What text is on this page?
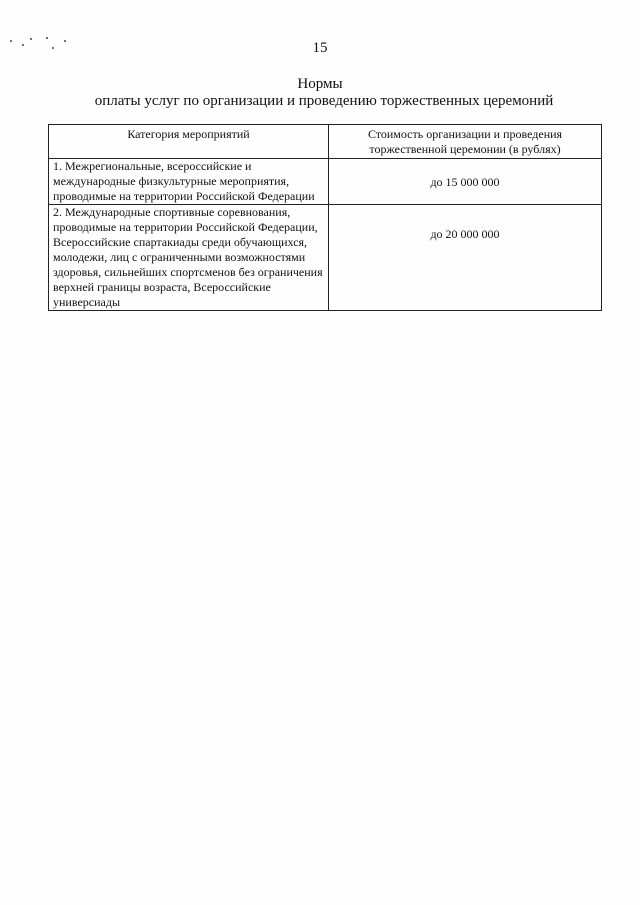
15
Нормы
оплаты услуг по организации и проведению торжественных церемоний
Категория мероприятий	Стоимость организации и проведения торжественной церемонии (в рублях)
1. Межрегиональные, всероссийские и международные физкультурные мероприятия, проводимые на территории Российской Федерации	до 15 000 000
2. Международные спортивные соревнования, проводимые на территории Российской Федерации, Всероссийские спартакиады среди обучающихся, молодежи, лиц с ограниченными возможностями здоровья, сильнейших спортсменов без ограничения верхней границы возраста, Всероссийские универсиады	до 20 000 000
